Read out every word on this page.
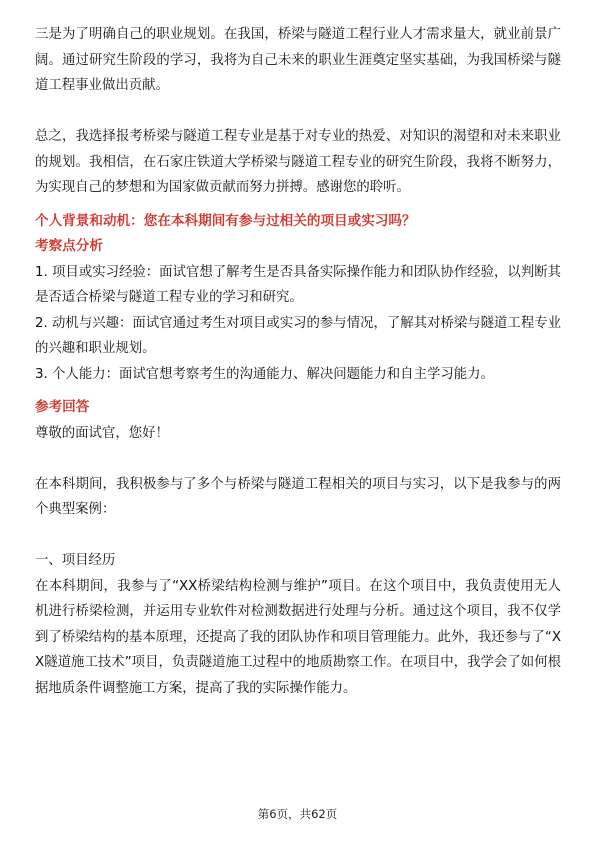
三是为了明确自己的职业规划。在我国，桥梁与隧道工程行业人才需求量大，就业前景广阔。通过研究生阶段的学习，我将为自己未来的职业生涯奠定坚实基础，为我国桥梁与隧道工程事业做出贡献。

总之，我选择报考桥梁与隧道工程专业是基于对专业的热爱、对知识的渴望和对未来职业的规划。我相信，在石家庄铁道大学桥梁与隧道工程专业的研究生阶段，我将不断努力，为实现自己的梦想和为国家做贡献而努力拼搏。感谢您的聆听。

个人背景和动机：您在本科期间有参与过相关的项目或实习吗？

考察点分析

1. 项目或实习经验：面试官想了解考生是否具备实际操作能力和团队协作经验，以判断其是否适合桥梁与隧道工程专业的学习和研究。

2. 动机与兴趣：面试官通过考生对项目或实习的参与情况，了解其对桥梁与隧道工程专业的兴趣和职业规划。

3. 个人能力：面试官想考察考生的沟通能力、解决问题能力和自主学习能力。

参考回答

尊敬的面试官，您好！

在本科期间，我积极参与了多个与桥梁与隧道工程相关的项目与实习，以下是我参与的两个典型案例：

一、项目经历

在本科期间，我参与了“XX桥梁结构检测与维护”项目。在这个项目中，我负责使用无人机进行桥梁检测，并运用专业软件对检测数据进行处理与分析。通过这个项目，我不仅学到了桥梁结构的基本原理，还提高了我的团队协作和项目管理能力。此外，我还参与了“XX隧道施工技术”项目，负责隧道施工过程中的地质勘察工作。在项目中，我学会了如何根据地质条件调整施工方案，提高了我的实际操作能力。

第6页，共62页
